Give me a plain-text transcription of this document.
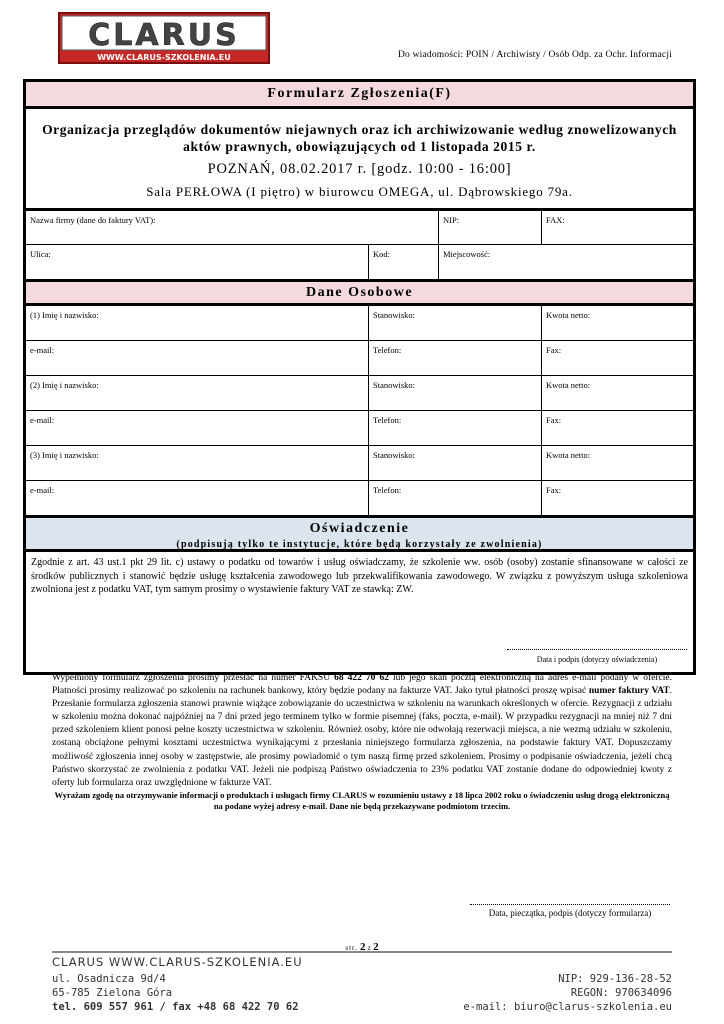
CLARUS
WWW.CLARUS-SZKOLENIA.EU	Do wiadomości: POIN / Archiwisty / Osób Odp. za Ochr. Informacji
Formularz Zgłoszenia(F)
Organizacja przeglądów dokumentów niejawnych oraz ich archiwizowanie według znowelizowanych aktów prawnych, obowiązujących od 1 listopada 2015 r.
POZNAŃ, 08.02.2017 r. [godz. 10:00 - 16:00]
Sala PERŁOWA (I piętro) w biurowcu OMEGA, ul. Dąbrowskiego 79a.
Nazwa firmy (dane do faktury VAT):	NIP:	FAX:
Ulica:	Kod:	Miejscowość:
Dane Osobowe
(1) Imię i nazwisko:	Stanowisko:	Kwota netto:
e-mail:	Telefon:	Fax:
(2) Imię i nazwisko:	Stanowisko:	Kwota netto:
e-mail:	Telefon:	Fax:
(3) Imię i nazwisko:	Stanowisko:	Kwota netto:
e-mail:	Telefon:	Fax:
Oświadczenie
(podpisują tylko te instytucje, które będą korzystały ze zwolnienia)
Zgodnie z art. 43 ust.1 pkt 29 lit. c) ustawy o podatku od towarów i usług oświadczamy, że szkolenie ww. osób (osoby) zostanie sfinansowane w całości ze środków publicznych i stanowić będzie usługę kształcenia zawodowego lub przekwalifikowania zawodowego. W związku z powyższym usługa szkoleniowa zwolniona jest z podatku VAT, tym samym prosimy o wystawienie faktury VAT ze stawką: ZW.
Data i podpis (dotyczy oświadczenia)
Wypełniony formularz zgłoszenia prosimy przesłać na numer FAKSU 68 422 70 62 lub jego skan pocztą elektroniczną na adres e-mail podany w ofercie. Płatności prosimy realizować po szkoleniu na rachunek bankowy, który będzie podany na fakturze VAT. Jako tytuł płatności proszę wpisać numer faktury VAT. Przesłanie formularza zgłoszenia stanowi prawnie wiążące zobowiązanie do uczestnictwa w szkoleniu na warunkach określonych w ofercie. Rezygnacji z udziału w szkoleniu można dokonać najpóźniej na 7 dni przed jego terminem tylko w formie pisemnej (faks, poczta, e-mail). W przypadku rezygnacji na mniej niż 7 dni przed szkoleniem klient ponosi pełne koszty uczestnictwa w szkoleniu. Również osoby, które nie odwołają rezerwacji miejsca, a nie wezmą udziału w szkoleniu, zostaną obciążone pełnymi kosztami uczestnictwa wynikającymi z przesłania niniejszego formularza zgłoszenia, na podstawie faktury VAT. Dopuszczamy możliwość zgłoszenia innej osoby w zastępstwie, ale prosimy powiadomić o tym naszą firmę przed szkoleniem. Prosimy o podpisanie oświadczenia, jeżeli chcą Państwo skorzystać ze zwolnienia z podatku VAT. Jeżeli nie podpiszą Państwo oświadczenia to 23% podatku VAT zostanie dodane do odpowiedniej kwoty z oferty lub formularza oraz uwzględnione w fakturze VAT.
Wyrażam zgodę na otrzymywanie informacji o produktach i usługach firmy CLARUS w rozumieniu ustawy z 18 lipca 2002 roku o świadczeniu usług drogą elektroniczną na podane wyżej adresy e-mail. Dane nie będą przekazywane podmiotom trzecim.
Data, pieczątka, podpis (dotyczy formularza)
str. 2 z 2
CLARUS WWW.CLARUS-SZKOLENIA.EU
ul. Osadnicza 9d/4
65-785 Zielona Góra
tel. 609 557 961 / fax +48 68 422 70 62
NIP: 929-136-28-52
REGON: 970634096
e-mail: biuro@clarus-szkolenia.eu
